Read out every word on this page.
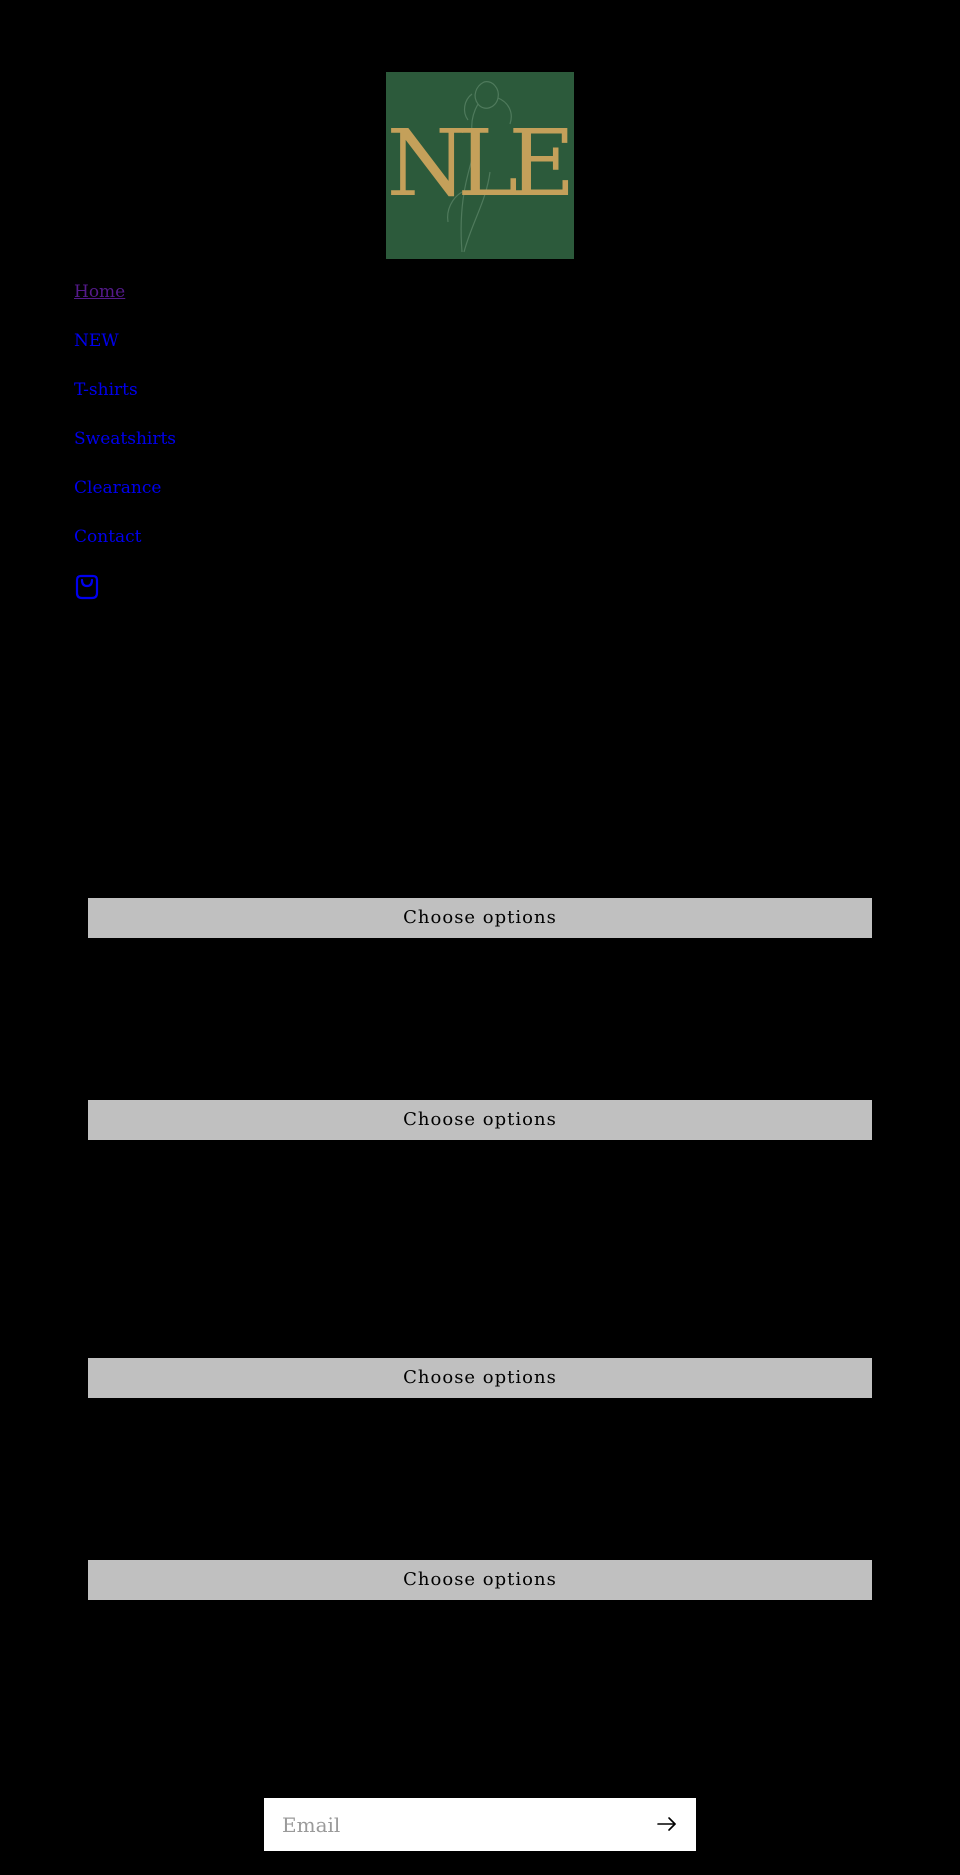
NLE
Home
NEW
T-shirts
Sweatshirts
Clearance
Contact
Choose options
Choose options
Choose options
Choose options
Email
